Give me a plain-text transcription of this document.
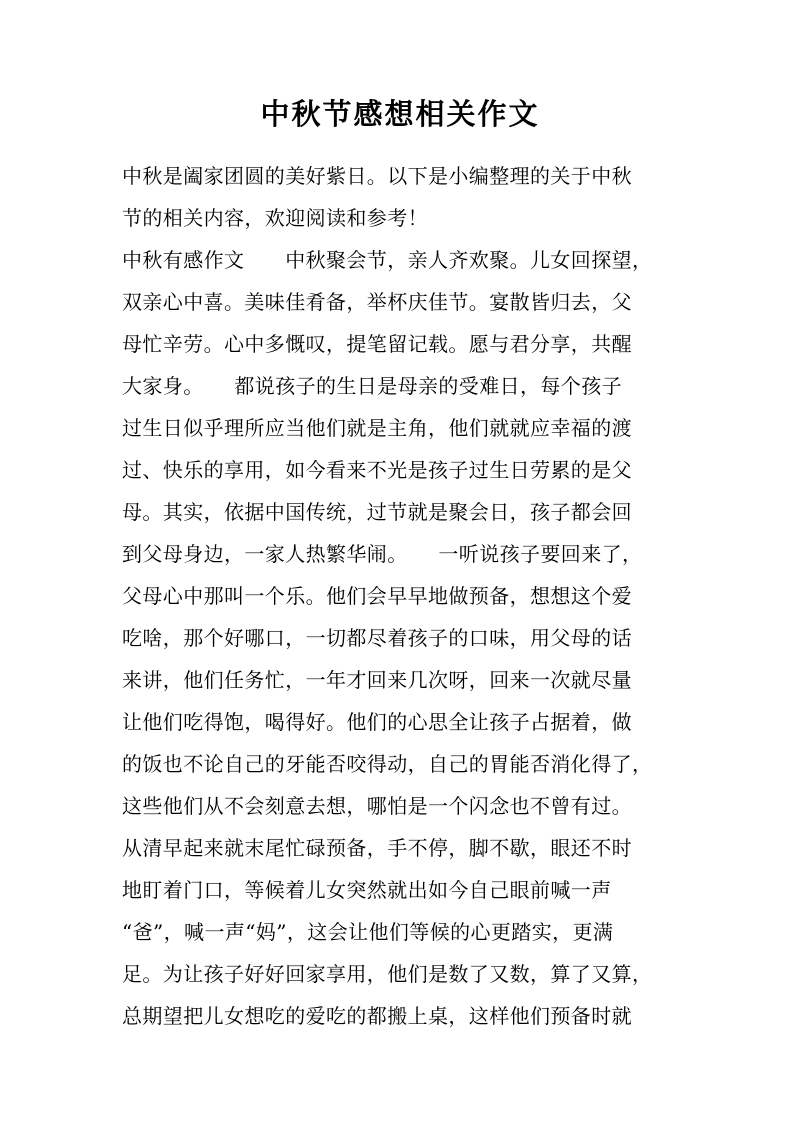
中秋节感想相关作文
中秋是阖家团圆的美好紫日。以下是小编整理的关于中秋
节的相关内容，欢迎阅读和参考！
中秋有感作文　　中秋聚会节，亲人齐欢聚。儿女回探望，
双亲心中喜。美味佳肴备，举杯庆佳节。宴散皆归去，父
母忙辛劳。心中多慨叹，提笔留记载。愿与君分享，共醒
大家身。　　都说孩子的生日是母亲的受难日，每个孩子
过生日似乎理所应当他们就是主角，他们就就应幸福的渡
过、快乐的享用，如今看来不光是孩子过生日劳累的是父
母。其实，依据中国传统，过节就是聚会日，孩子都会回
到父母身边，一家人热繁华闹。　　一听说孩子要回来了，
父母心中那叫一个乐。他们会早早地做预备，想想这个爱
吃啥，那个好哪口，一切都尽着孩子的口味，用父母的话
来讲，他们任务忙，一年才回来几次呀，回来一次就尽量
让他们吃得饱，喝得好。他们的心思全让孩子占据着，做
的饭也不论自己的牙能否咬得动，自己的胃能否消化得了，
这些他们从不会刻意去想，哪怕是一个闪念也不曾有过。
从清早起来就末尾忙碌预备，手不停，脚不歇，眼还不时
地盯着门口，等候着儿女突然就出如今自己眼前喊一声
“爸”，喊一声“妈”，这会让他们等候的心更踏实，更满
足。为让孩子好好回家享用，他们是数了又数，算了又算，
总期望把儿女想吃的爱吃的都搬上桌，这样他们预备时就
